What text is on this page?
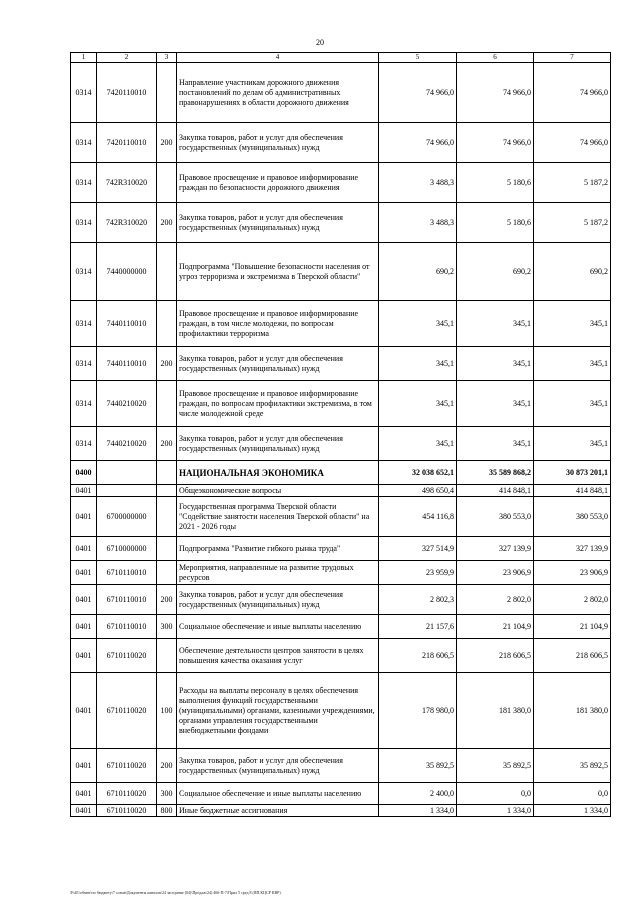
20
1	2	3	4	5	6	7
0314	7420110010		Направление участникам дорожного движения постановлений по делам об административных правонарушениях в области дорожного движения	74 966,0	74 966,0	74 966,0
0314	7420110010	200	Закупка товаров, работ и услуг для обеспечения государственных (муниципальных) нужд	74 966,0	74 966,0	74 966,0
0314	742R310020		Правовое просвещение и правовое информирование граждан по безопасности дорожного движения	3 488,3	5 180,6	5 187,2
0314	742R310020	200	Закупка товаров, работ и услуг для обеспечения государственных (муниципальных) нужд	3 488,3	5 180,6	5 187,2
0314	7440000000		Подпрограмма "Повышение безопасности населения от угроз терроризма и экстремизма в Тверской области"	690,2	690,2	690,2
0314	7440110010		Правовое просвещение и правовое информирование граждан, в том числе молодежи, по вопросам профилактики терроризма	345,1	345,1	345,1
0314	7440110010	200	Закупка товаров, работ и услуг для обеспечения государственных (муниципальных) нужд	345,1	345,1	345,1
0314	7440210020		Правовое просвещение и правовое информирование граждан, по вопросам профилактики экстремизма, в том числе молодежной среде	345,1	345,1	345,1
0314	7440210020	200	Закупка товаров, работ и услуг для обеспечения государственных (муниципальных) нужд	345,1	345,1	345,1
0400			НАЦИОНАЛЬНАЯ ЭКОНОМИКА	32 038 652,1	35 589 868,2	30 873 201,1
0401			Общеэкономические вопросы	498 650,4	414 848,1	414 848,1
0401	6700000000		Государственная программа Тверской области "Содействие занятости населения Тверской области" на 2021 - 2026 годы	454 116,8	380 553,0	380 553,0
0401	6710000000		Подпрограмма "Развитие гибкого рынка труда"	327 514,9	327 139,9	327 139,9
0401	6710110010		Мероприятия, направленные на развитие трудовых ресурсов	23 959,9	23 906,9	23 906,9
0401	6710110010	200	Закупка товаров, работ и услуг для обеспечения государственных (муниципальных) нужд	2 802,3	2 802,0	2 802,0
0401	6710110010	300	Социальное обеспечение и иные выплаты населению	21 157,6	21 104,9	21 104,9
0401	6710110020		Обеспечение деятельности центров занятости в целях повышения качества оказания услуг	218 606,5	218 606,5	218 606,5
0401	6710110020	100	Расходы на выплаты персоналу в целях обеспечения выполнения функций государственными (муниципальными) органами, казенными учреждениями, органами управления государственными внебюджетными фондами	178 980,0	181 380,0	181 380,0
0401	6710110020	200	Закупка товаров, работ и услуг для обеспечения государственных (муниципальных) нужд	35 892,5	35 892,5	35 892,5
0401	6710110020	300	Социальное обеспечение и иные выплаты населению	2 400,0	0,0	0,0
0401	6710110020	800	Иные бюджетные ассигнования	1 334,0	1 334,0	1 334,0
\Fs01\обмен\по бюджету\7 созыв\Документы каналов\24 заседание (04)\Продаж\24) 466-П-7\Прил 5 сред 8 (ЯП КЦСР КВР)
